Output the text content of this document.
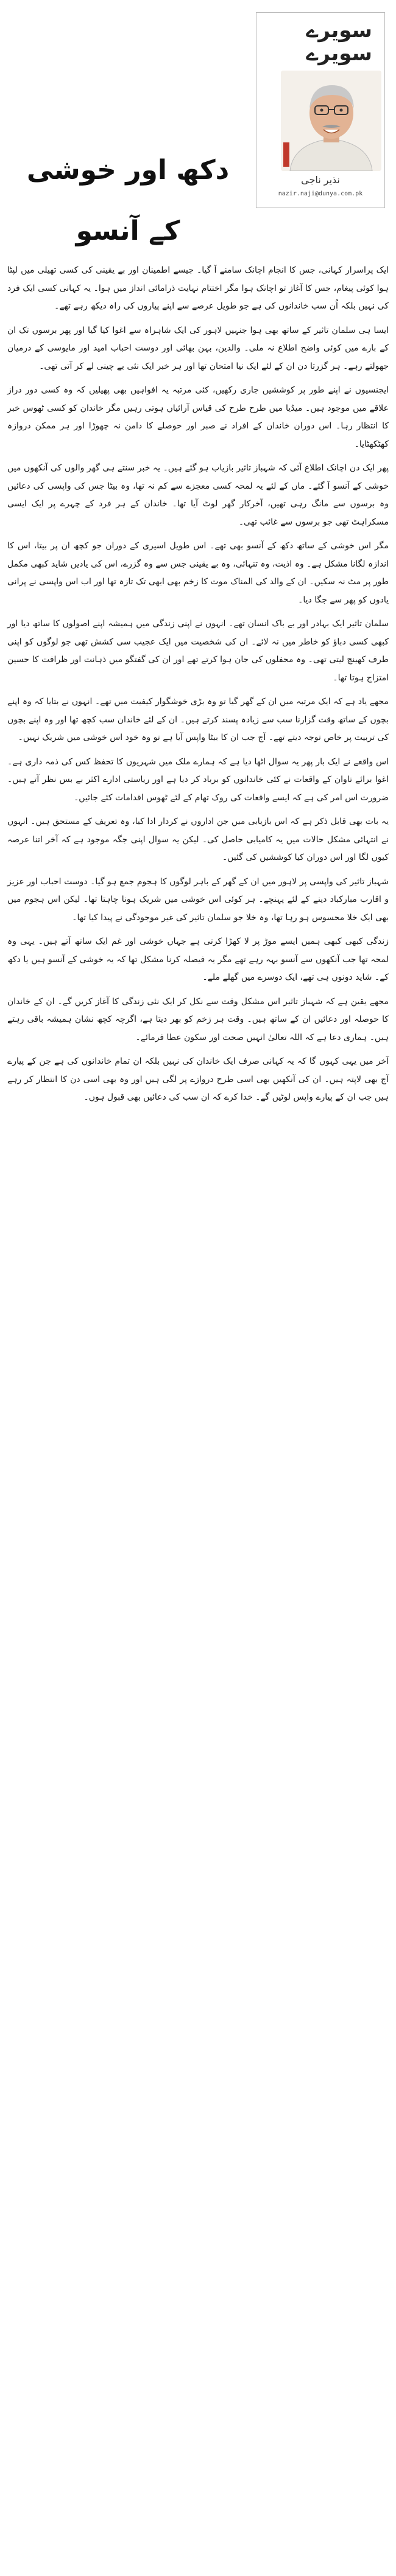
دکھ اور خوشی کے آنسو
سویرے سویرے
نذیر ناجی
nazir.naji@dunya.com.pk

ایک پراسرار کہانی، جس کا انجام اچانک سامنے آ گیا۔ جیسے اطمینان اور بے یقینی کی کسی تھیلی میں لپٹا ہوا کوئی پیغام، جس کا آغاز تو اچانک ہوا مگر اختتام نہایت ذرامائی انداز میں ہوا۔ یہ کہانی کسی ایک فرد کی نہیں بلکہ اُن سب خاندانوں کی ہے جو طویل عرصے سے اپنے پیاروں کی راہ دیکھ رہے تھے۔

ایسا ہی سلمان تاثیر کے ساتھ بھی ہوا جنہیں لاہور کی ایک شاہراہ سے اغوا کیا گیا اور پھر برسوں تک ان کے بارے میں کوئی واضح اطلاع نہ ملی۔ والدین، بہن بھائی اور دوست احباب امید اور مایوسی کے درمیان جھولتے رہے۔ ہر گزرتا دن ان کے لئے ایک نیا امتحان تھا اور ہر خبر ایک نئی بے چینی لے کر آتی تھی۔

ایجنسیوں نے اپنے طور پر کوششیں جاری رکھیں، کئی مرتبہ یہ افواہیں بھی پھیلیں کہ وہ کسی دور دراز علاقے میں موجود ہیں۔ میڈیا میں طرح طرح کی قیاس آرائیاں ہوتی رہیں مگر خاندان کو کسی ٹھوس خبر کا انتظار رہا۔ اس دوران خاندان کے افراد نے صبر اور حوصلے کا دامن نہ چھوڑا اور ہر ممکن دروازہ کھٹکھٹایا۔

پھر ایک دن اچانک اطلاع آئی کہ شہباز تاثیر بازیاب ہو گئے ہیں۔ یہ خبر سنتے ہی گھر والوں کی آنکھوں میں خوشی کے آنسو آ گئے۔ ماں کے لئے یہ لمحہ کسی معجزے سے کم نہ تھا، وہ بیٹا جس کی واپسی کی دعائیں وہ برسوں سے مانگ رہی تھیں، آخرکار گھر لوٹ آیا تھا۔ خاندان کے ہر فرد کے چہرے پر ایک ایسی مسکراہٹ تھی جو برسوں سے غائب تھی۔

مگر اس خوشی کے ساتھ دکھ کے آنسو بھی تھے۔ اس طویل اسیری کے دوران جو کچھ ان پر بیتا، اس کا اندازہ لگانا مشکل ہے۔ وہ اذیت، وہ تنہائی، وہ بے یقینی جس سے وہ گزرے، اس کی یادیں شاید کبھی مکمل طور پر مٹ نہ سکیں۔ ان کے والد کی المناک موت کا زخم بھی ابھی تک تازہ تھا اور اب اس واپسی نے پرانی یادوں کو پھر سے جگا دیا۔

سلمان تاثیر ایک بہادر اور بے باک انسان تھے۔ انہوں نے اپنی زندگی میں ہمیشہ اپنے اصولوں کا ساتھ دیا اور کبھی کسی دباؤ کو خاطر میں نہ لائے۔ ان کی شخصیت میں ایک عجیب سی کشش تھی جو لوگوں کو اپنی طرف کھینچ لیتی تھی۔ وہ محفلوں کی جان ہوا کرتے تھے اور ان کی گفتگو میں ذہانت اور ظرافت کا حسین امتزاج ہوتا تھا۔

مجھے یاد ہے کہ ایک مرتبہ میں ان کے گھر گیا تو وہ بڑی خوشگوار کیفیت میں تھے۔ انہوں نے بتایا کہ وہ اپنے بچوں کے ساتھ وقت گزارنا سب سے زیادہ پسند کرتے ہیں۔ ان کے لئے خاندان سب کچھ تھا اور وہ اپنے بچوں کی تربیت پر خاص توجہ دیتے تھے۔ آج جب ان کا بیٹا واپس آیا ہے تو وہ خود اس خوشی میں شریک نہیں۔

اس واقعے نے ایک بار پھر یہ سوال اٹھا دیا ہے کہ ہمارے ملک میں شہریوں کا تحفظ کس کی ذمہ داری ہے۔ اغوا برائے تاوان کے واقعات نے کئی خاندانوں کو برباد کر دیا ہے اور ریاستی ادارے اکثر بے بس نظر آتے ہیں۔ ضرورت اس امر کی ہے کہ ایسے واقعات کی روک تھام کے لئے ٹھوس اقدامات کئے جائیں۔

یہ بات بھی قابل ذکر ہے کہ اس بازیابی میں جن اداروں نے کردار ادا کیا، وہ تعریف کے مستحق ہیں۔ انہوں نے انتہائی مشکل حالات میں یہ کامیابی حاصل کی۔ لیکن یہ سوال اپنی جگہ موجود ہے کہ آخر اتنا عرصہ کیوں لگا اور اس دوران کیا کوششیں کی گئیں۔

شہباز تاثیر کی واپسی پر لاہور میں ان کے گھر کے باہر لوگوں کا ہجوم جمع ہو گیا۔ دوست احباب اور عزیز و اقارب مبارکباد دینے کے لئے پہنچے۔ ہر کوئی اس خوشی میں شریک ہونا چاہتا تھا۔ لیکن اس ہجوم میں بھی ایک خلا محسوس ہو رہا تھا، وہ خلا جو سلمان تاثیر کی غیر موجودگی نے پیدا کیا تھا۔

زندگی کبھی کبھی ہمیں ایسے موڑ پر لا کھڑا کرتی ہے جہاں خوشی اور غم ایک ساتھ آتے ہیں۔ یہی وہ لمحہ تھا جب آنکھوں سے آنسو بہہ رہے تھے مگر یہ فیصلہ کرنا مشکل تھا کہ یہ خوشی کے آنسو ہیں یا دکھ کے۔ شاید دونوں ہی تھے، ایک دوسرے میں گھلے ملے۔

مجھے یقین ہے کہ شہباز تاثیر اس مشکل وقت سے نکل کر ایک نئی زندگی کا آغاز کریں گے۔ ان کے خاندان کا حوصلہ اور دعائیں ان کے ساتھ ہیں۔ وقت ہر زخم کو بھر دیتا ہے، اگرچہ کچھ نشان ہمیشہ باقی رہتے ہیں۔ ہماری دعا ہے کہ اللہ تعالیٰ انہیں صحت اور سکون عطا فرمائے۔

آخر میں یہی کہوں گا کہ یہ کہانی صرف ایک خاندان کی نہیں بلکہ ان تمام خاندانوں کی ہے جن کے پیارے آج بھی لاپتہ ہیں۔ ان کی آنکھیں بھی اسی طرح دروازے پر لگی ہیں اور وہ بھی اسی دن کا انتظار کر رہے ہیں جب ان کے پیارے واپس لوٹیں گے۔ خدا کرے کہ ان سب کی دعائیں بھی قبول ہوں۔
